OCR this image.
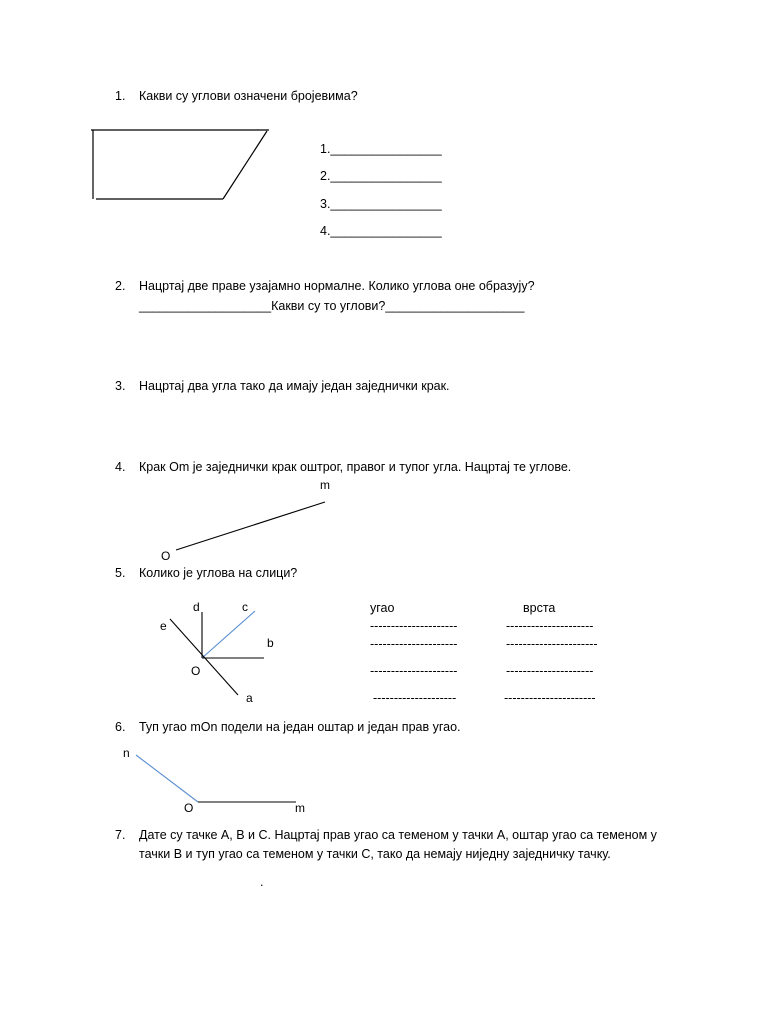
1. Какви су углови означени бројевима?
1.________________
2.________________
3.________________
4.________________
2. Нацртај две праве узајамно нормалне. Колико углова оне образују?
___________________Какви су то углови?____________________
3. Нацртај два угла тако да имају један заједнички крак.
4. Крак Om је заједнички крак оштрог, правог и тупог угла. Нацртај те углове.
m
O
5. Колико је углова на слици?
d	c
e
b
O
a
угао	врста
---------------------	---------------------
---------------------	----------------------
---------------------	---------------------
--------------------	----------------------
6. Туп угао mOn подели на један оштар и један прав угао.
n
O	m
7. Дате су тачке A, B и C. Нацртај прав угао са теменом у тачки A, оштар угао са теменом у
тачки B и туп угао са теменом у тачки C, тако да немају ниједну заједничку тачку.
.
